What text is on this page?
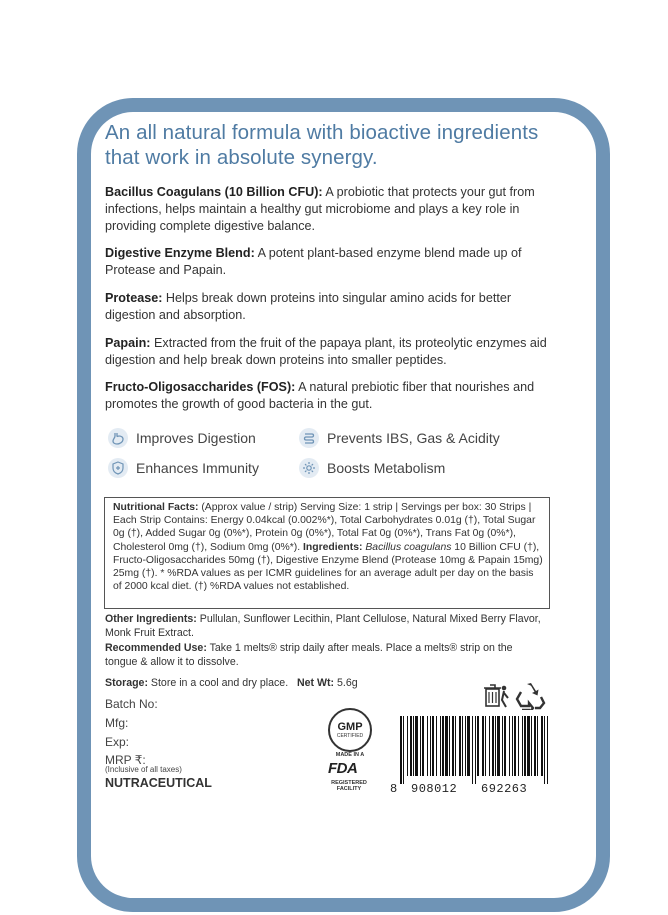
An all natural formula with bioactive ingredients that work in absolute synergy.
Bacillus Coagulans (10 Billion CFU): A probiotic that protects your gut from infections, helps maintain a healthy gut microbiome and plays a key role in providing complete digestive balance.
Digestive Enzyme Blend: A potent plant-based enzyme blend made up of Protease and Papain.
Protease: Helps break down proteins into singular amino acids for better digestion and absorption.
Papain: Extracted from the fruit of the papaya plant, its proteolytic enzymes aid digestion and help break down proteins into smaller peptides.
Fructo-Oligosaccharides (FOS): A natural prebiotic fiber that nourishes and promotes the growth of good bacteria in the gut.
Improves Digestion	Prevents IBS, Gas & Acidity
Enhances Immunity	Boosts Metabolism
Nutritional Facts: (Approx value / strip) Serving Size: 1 strip | Servings per box: 30 Strips | Each Strip Contains: Energy 0.04kcal (0.002%*), Total Carbohydrates 0.01g (†), Total Sugar 0g (†), Added Sugar 0g (0%*), Protein 0g (0%*), Total Fat 0g (0%*), Trans Fat 0g (0%*), Cholesterol 0mg (†), Sodium 0mg (0%*). Ingredients: Bacillus coagulans 10 Billion CFU (†), Fructo-Oligosaccharides 50mg (†), Digestive Enzyme Blend (Protease 10mg & Papain 15mg) 25mg (†). * %RDA values as per ICMR guidelines for an average adult per day on the basis of 2000 kcal diet. (†) %RDA values not established.
Other Ingredients: Pullulan, Sunflower Lecithin, Plant Cellulose, Natural Mixed Berry Flavor, Monk Fruit Extract.
Recommended Use: Take 1 melts® strip daily after meals. Place a melts® strip on the tongue & allow it to dissolve.
Storage: Store in a cool and dry place. Net Wt: 5.6g
Batch No:
Mfg:
Exp:
MRP ₹:
(Inclusive of all taxes)
NUTRACEUTICAL
GMP
CERTIFIED
MADE IN A
FDA
REGISTERED FACILITY	8 908012 692263
